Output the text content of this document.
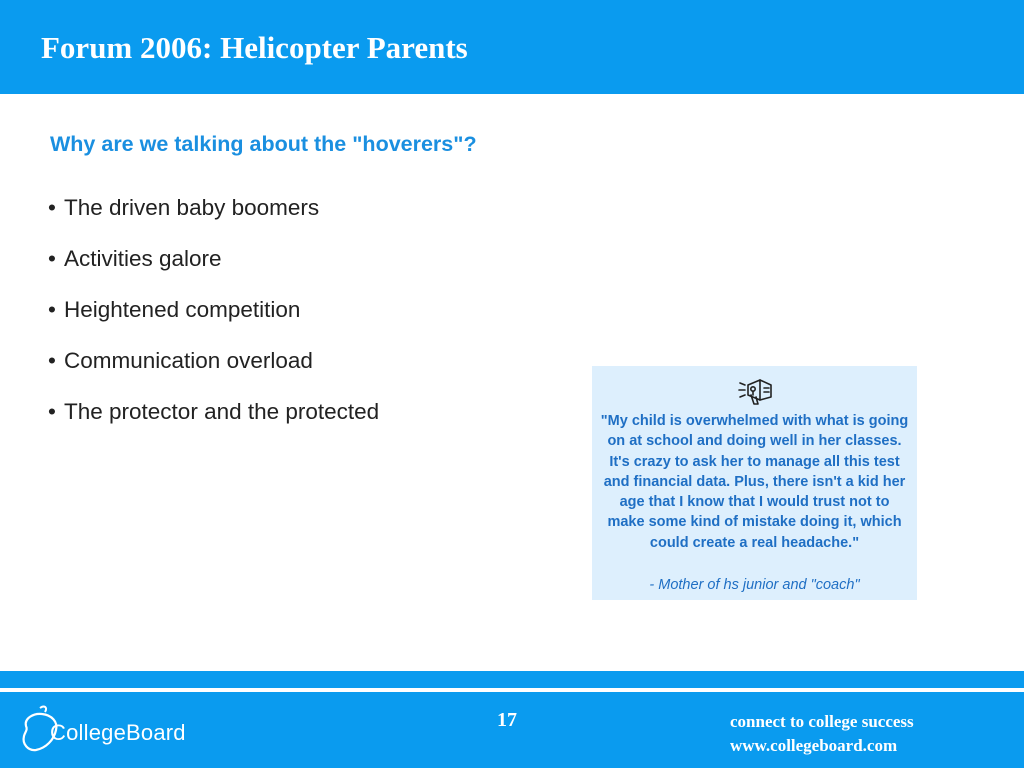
Forum 2006: Helicopter Parents
Why are we talking about the "hoverers"?
• The driven baby boomers
• Activities galore
• Heightened competition
• Communication overload
• The protector and the protected	"My child is overwhelmed with what is going on at school and doing well in her classes. It's crazy to ask her to manage all this test and financial data. Plus, there isn't a kid her age that I know that I would trust not to make some kind of mistake doing it, which could create a real headache."
- Mother of hs junior and "coach"
CollegeBoard	17	connect to college success
www.collegeboard.com
